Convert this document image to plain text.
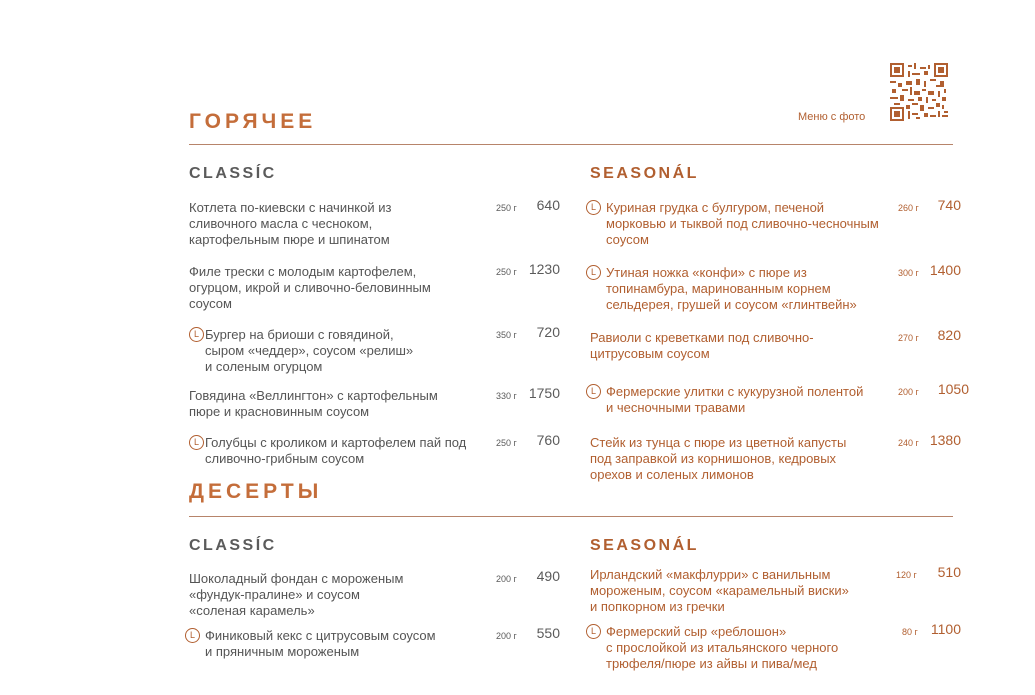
Меню с фото
ГОРЯЧЕЕ
CLASSÍC	SEASONÁL
Котлета по-киевски с начинкой из
сливочного масла с чесноком,
картофельным пюре и шпинатом
250 г 640
Филе трески с молодым картофелем,
огурцом, икрой и сливочно-беловинным
соусом
250 г 1230
L Бургер на бриоши с говядиной,
сыром «чеддер», соусом «релиш»
и соленым огурцом
350 г 720
Говядина «Веллингтон» с картофельным
пюре и красновинным соусом
330 г 1750
L Голубцы с кроликом и картофелем пай под
сливочно-грибным соусом
250 г 760
L Куриная грудка с булгуром, печеной
морковью и тыквой под сливочно-чесночным
соусом
260 г 740
L Утиная ножка «конфи» с пюре из
топинамбура, маринованным корнем
сельдерея, грушей и соусом «глинтвейн»
300 г 1400
Равиоли с креветками под сливочно-
цитрусовым соусом
270 г 820
L Фермерские улитки с кукурузной полентой
и чесночными травами
200 г 1050
Стейк из тунца с пюре из цветной капусты
под заправкой из корнишонов, кедровых
орехов и соленых лимонов
240 г 1380
ДЕСЕРТЫ
CLASSÍC	SEASONÁL
Шоколадный фондан с мороженым
«фундук-пралине» и соусом
«соленая карамель»
200 г 490
L Финиковый кекс с цитрусовым соусом
и пряничным мороженым
200 г 550
Ирландский «макфлурри» с ванильным
мороженым, соусом «карамельный виски»
и попкорном из гречки
120 г 510
L Фермерский сыр «реблошон»
с прослойкой из итальянского черного
трюфеля/пюре из айвы и пива/мед
80 г 1100
